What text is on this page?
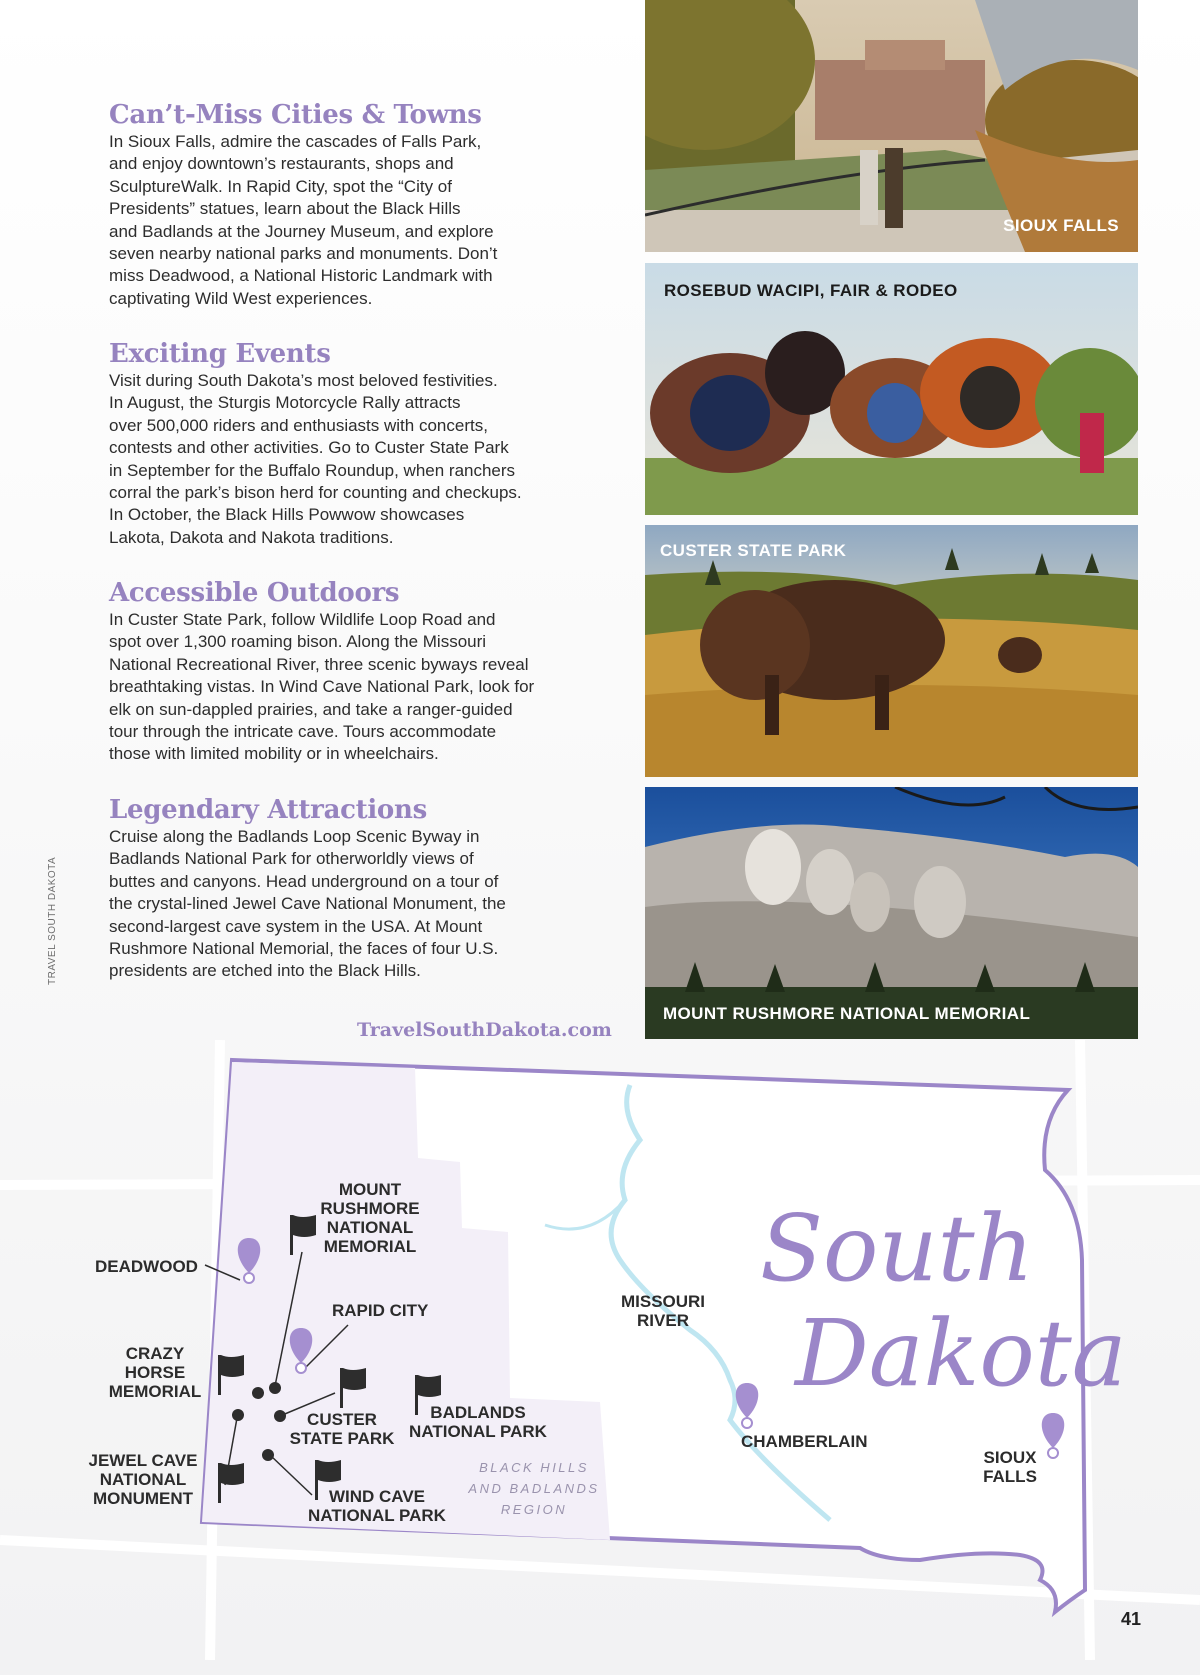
TRAVEL SOUTH DAKOTA
Can’t-Miss Cities & Towns

In Sioux Falls, admire the cascades of Falls Park,
and enjoy downtown’s restaurants, shops and
SculptureWalk. In Rapid City, spot the “City of
Presidents” statues, learn about the Black Hills
and Badlands at the Journey Museum, and explore
seven nearby national parks and monuments. Don’t
miss Deadwood, a National Historic Landmark with
captivating Wild West experiences.

Exciting Events

Visit during South Dakota’s most beloved festivities.
In August, the Sturgis Motorcycle Rally attracts
over 500,000 riders and enthusiasts with concerts,
contests and other activities. Go to Custer State Park
in September for the Buffalo Roundup, when ranchers
corral the park’s bison herd for counting and checkups.
In October, the Black Hills Powwow showcases
Lakota, Dakota and Nakota traditions.

Accessible Outdoors

In Custer State Park, follow Wildlife Loop Road and
spot over 1,300 roaming bison. Along the Missouri
National Recreational River, three scenic byways reveal
breathtaking vistas. In Wind Cave National Park, look for
elk on sun-dappled prairies, and take a ranger-guided
tour through the intricate cave. Tours accommodate
those with limited mobility or in wheelchairs.

Legendary Attractions

Cruise along the Badlands Loop Scenic Byway in
Badlands National Park for otherworldly views of
buttes and canyons. Head underground on a tour of
the crystal-lined Jewel Cave National Monument, the
second-largest cave system in the USA. At Mount
Rushmore National Memorial, the faces of four U.S.
presidents are etched into the Black Hills.

TravelSouthDakota.com
SIOUX FALLS
ROSEBUD WACIPI, FAIR & RODEO
CUSTER STATE PARK
MOUNT RUSHMORE NATIONAL MEMORIAL
South
Dakota
BLACK HILLS AND BADLANDS REGION
DEADWOOD
MOUNT RUSHMORE NATIONAL MEMORIAL
RAPID CITY
CRAZY HORSE MEMORIAL
CUSTER STATE PARK
BADLANDS NATIONAL PARK
JEWEL CAVE NATIONAL MONUMENT	WIND CAVE NATIONAL PARK
MISSOURI RIVER
CHAMBERLAIN
SIOUX FALLS
41
